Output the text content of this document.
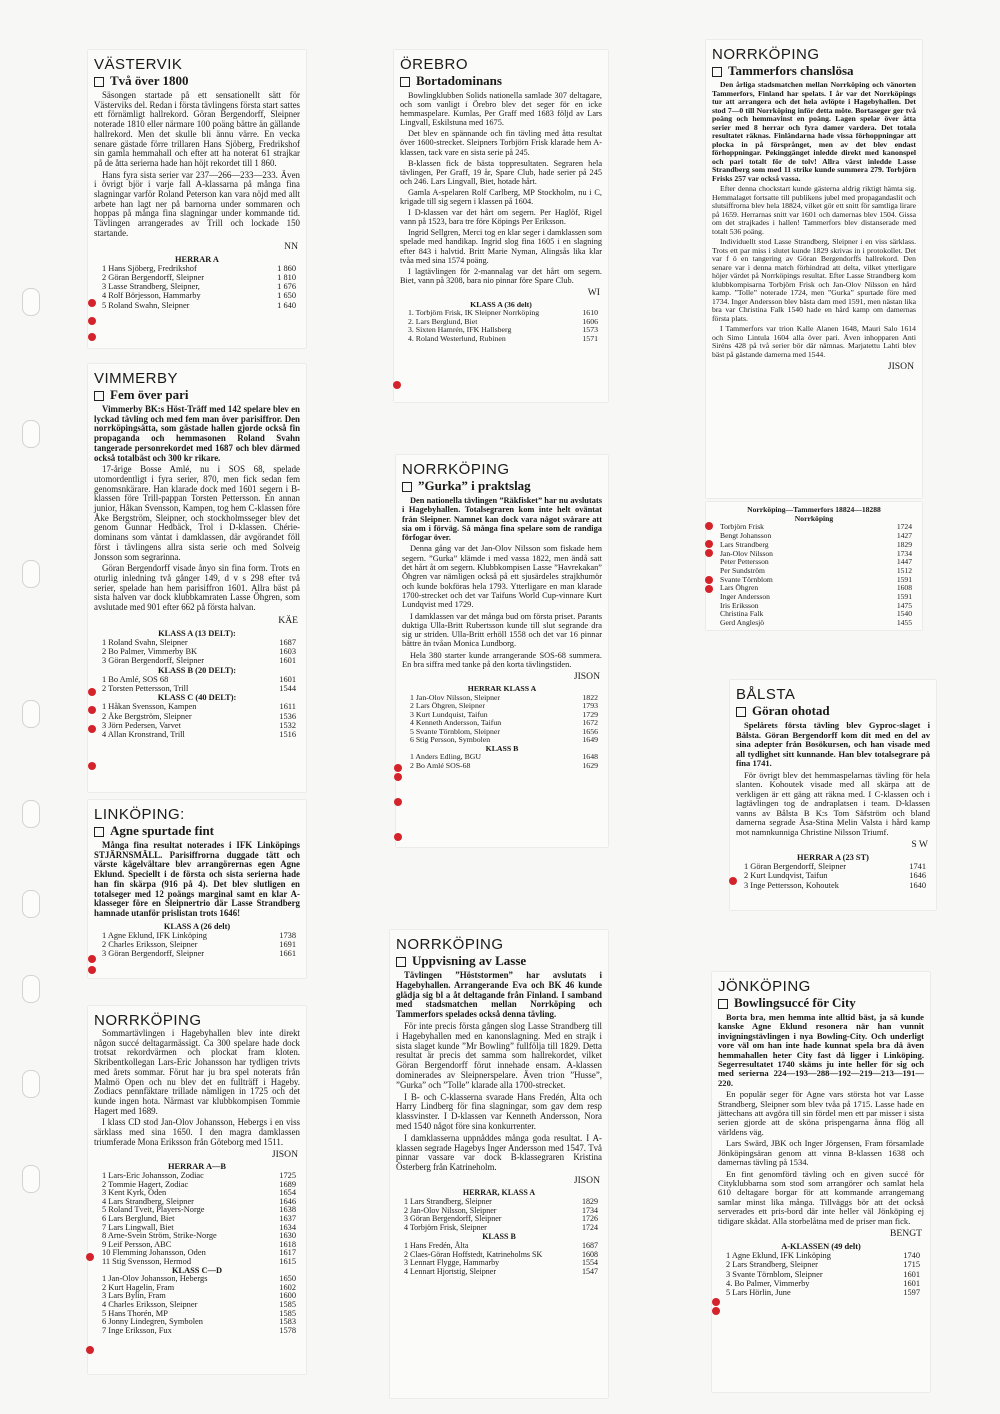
VÄSTERVIK
Två över 1800

Säsongen startade på ett sensationellt sätt för Västerviks del. Redan i första tävlingens första start sattes ett förnämligt hallrekord. Göran Bergendorff, Sleipner noterade 1810 eller närmare 100 poäng bättre än gällande hallrekord. Men det skulle bli ännu värre. En vecka senare gästade förre trillaren Hans Sjöberg, Fredrikshof sin gamla hemmahall och efter att ha noterat 61 strajkar på de åtta serierna hade han höjt rekordet till 1 860.

Hans fyra sista serier var 237—266—233—233. Även i övrigt björ i varje fall A-klassarna på många fina slagningar varför Roland Peterson kan vara nöjd med allt arbete han lagt ner på barnorna under sommaren och hoppas på många fina slagningar under kommande tid. Tävlingen arrangerades av Trill och lockade 150 startande.

NN
HERRAR A
1 Hans Sjöberg, Fredrikshof	1 860
2 Göran Bergendorff, Sleipner	1 810
3 Lasse Strandberg, Sleipner,	1 676
4 Rolf Börjesson, Hammarby	1 650
5 Roland Swahn, Sleipner	1 640
VIMMERBY
Fem över pari

Vimmerby BK:s Höst-Träff med 142 spelare blev en lyckad tävling och med fem man över parisiffror. Den norrköpingsätta, som gästade hallen gjorde också fin propaganda och hemmasonen Roland Svahn tangerade personrekordet med 1687 och blev därmed också totalbäst och 300 kr rikare.

17-årige Bosse Amlé, nu i SOS 68, spelade utomordentligt i fyra serier, 870, men fick sedan fem genomsnkärare. Han klarade dock med 1601 segern i B-klassen före Trill-pappan Torsten Pettersson. En annan junior, Håkan Svensson, Kampen, tog hem C-klassen före Åke Bergström, Sleipner, och stockholmsseger blev det genom Gunnar Hedbäck, Trol i D-klassen. Chérie-dominans som väntat i damklassen, där avgörandet föll först i tävlingens allra sista serie och med Solveig Jonsson som segrarinna.

Göran Bergendorff visade ånyo sin fina form. Trots en oturlig inledning två gånger 149, d v s 298 efter två serier, spelade han hem parisiffron 1601. Allra bäst på sista halven var dock klubbkamraten Lasse Öhgren, som avslutade med 901 efter 662 på första halvan.

KÄE
KLASS A (13 DELT):
1 Roland Svahn, Sleipner	1687
2 Bo Palmer, Vimmerby BK	1603
3 Göran Bergendorff, Sleipner	1601
KLASS B (20 DELT):
1 Bo Amlé, SOS 68	1601
2 Torsten Pettersson, Trill	1544
KLASS C (40 DELT):
1 Håkan Svensson, Kampen	1611
2 Åke Bergström, Sleipner	1536
3 Jörn Pedersen, Varvet	1532
4 Allan Kronstrand, Trill	1516
LINKÖPING:
Agne spurtade fint

Många fina resultat noterades i IFK Linköpings STJÄRNSMÄLL. Parisiffrorna duggade tätt och värste kägelvältare blev arrangörernas egen Agne Eklund. Speciellt i de första och sista serierna hade han fin skärpa (916 på 4). Det blev slutligen en totalseger med 12 poängs marginal samt en klar A-klasseger före en Sleipnertrio där Lasse Strandberg hamnade utanför prislistan trots 1646!

KLASS A (26 delt)
1 Agne Eklund, IFK Linköping	1738
2 Charles Eriksson, Sleipner	1691
3 Göran Bergendorff, Sleipner	1661
NORRKÖPING

Sommartävlingen i Hagebyhallen blev inte direkt någon succé deltagarmässigt. Ca 300 spelare hade dock trotsat rekordvärmen och plockat fram kloten. Skribentkollegan Lars-Eric Johansson har tydligen trivts med årets sommar. Förut har ju bra spel noterats från Malmö Open och nu blev det en fullträff i Hageby. Zodiacs pennfäktare trillade nämligen in 1725 och det kunde ingen hota. Närmast var klubbkompisen Tommie Hagert med 1689.

I klass CD stod Jan-Olov Johansson, Hebergs i en viss särklass med sina 1650. I den magra damklassen triumferade Mona Eriksson från Göteborg med 1511.

JISON
HERRAR A—B
1 Lars-Eric Johansson, Zodiac	1725
2 Tommie Hagert, Zodiac	1689
3 Kent Kyrk, Oden	1654
4 Lars Strandberg, Sleipner	1646
5 Roland Tveit, Players-Norge	1638
6 Lars Berglund, Biet	1637
7 Lars Lingwall, Biet	1634
8 Arne-Svein Ström, Strike-Norge	1630
9 Leif Persson, ABC	1618
10 Flemming Johansson, Oden	1617
11 Stig Svensson, Hermod	1615
KLASS C—D
1 Jan-Olov Johansson, Hebergs	1650
2 Kurt Hagelin, Fram	1602
3 Lars Bylin, Fram	1600
4 Charles Eriksson, Sleipner	1585
5 Hans Thorén, MP	1585
6 Jonny Lindegren, Symbolen	1583
7 Inge Eriksson, Fux	1578
ÖREBRO
Bortadominans

Bowlingklubben Solids nationella samlade 307 deltagare, och som vanligt i Örebro blev det seger för en icke hemmaspelare. Kumlas, Per Graff med 1683 följd av Lars Lingvall, Eskilstuna med 1675.

Det blev en spännande och fin tävling med åtta resultat över 1600-strecket. Sleipners Torbjörn Frisk klarade hem A-klassen, tack vare en sista serie på 245.

B-klassen fick de bästa toppresultaten. Segraren hela tävlingen, Per Graff, 19 år, Spare Club, hade serier på 245 och 246. Lars Lingvall, Biet, hotade hårt.

Gamla A-spelaren Rolf Carlberg, MP Stockholm, nu i C, krigade till sig segern i klassen på 1604.

I D-klassen var det hårt om segern. Per Haglöf, Rigel vann på 1523, bara tre före Köpings Per Eriksson.

Ingrid Sellgren, Merci tog en klar seger i damklassen som spelade med handikap. Ingrid slog fina 1605 i en slagning efter 843 i halvtid. Britt Marie Nyman, Alingsås lika klar tvåa med sina 1574 poäng.

I lagtävlingen för 2-mannalag var det hårt om segern. Biet, vann på 3208, bara nio pinnar före Spare Club.

WI
KLASS A (36 delt)
1. Torbjörn Frisk, IK Sleipner Norrköping	1610
2. Lars Berglund, Biet	1606
3. Sixten Hamrén, IFK Hallsberg	1573
4. Roland Westerlund, Rubinen	1571
NORRKÖPING
”Gurka” i praktslag

Den nationella tävlingen ”Räkfisket” har nu avslutats i Hagebyhallen. Totalsegraren kom inte helt oväntat från Sleipner. Namnet kan dock vara något svårare att sia om i förväg. Så många fina spelare som de randiga förfogar över.

Denna gång var det Jan-Olov Nilsson som fiskade hem segern. ”Gurka” klämde i med vassa 1822, men ändå satt det hårt åt om segern. Klubbkompisen Lasse ”Havrekakan” Öhgren var nämligen också på ett sjusärdeles strajkhumör och kunde bokföras hela 1793. Ytterligare en man klarade 1700-strecket och det var Taifuns World Cup-vinnare Kurt Lundqvist med 1729.

I damklassen var det många bud om första priset. Parants duktiga Ulla-Britt Rubertsson kunde till slut segrande dra sig ur striden. Ulla-Britt erhöll 1558 och det var 16 pinnar bättre än tvåan Monica Lundborg.

Hela 380 starter kunde arrangerande SOS-68 summera. En bra siffra med tanke på den korta tävlingstiden.

JISON
HERRAR KLASS A
1 Jan-Olov Nilsson, Sleipner	1822
2 Lars Öhgren, Sleipner	1793
3 Kurt Lundquist, Taifun	1729
4 Kenneth Andersson, Taifun	1672
5 Svante Törnblom, Sleipner	1656
6 Stig Persson, Symbolen	1649
KLASS B
1 Anders Edling, BGU	1648
2 Bo Amlé SOS-68	1629
NORRKÖPING
Uppvisning av Lasse

Tävlingen ”Höststormen” har avslutats i Hagebyhallen. Arrangerande Eva och BK 46 kunde glädja sig bl a åt deltagande från Finland. I samband med stadsmatchen mellan Norrköping och Tammerfors spelades också denna tävling.

För inte precis första gången slog Lasse Strandberg till i Hagebyhallen med en kanonslagning. Med en strajk i sista slaget kunde ”Mr Bowling” fullfölja till 1829. Detta resultat är precis det samma som hallrekordet, vilket Göran Bergendorff förut innehade ensam. A-klassen dominerades av Sleipnerspelare. Även trion ”Husse”, ”Gurka” och ”Tolle” klarade alla 1700-strecket.

I B- och C-klasserna svarade Hans Fredén, Ålta och Harry Lindberg för fina slagningar, som gav dem resp klassvinster. I D-klassen var Kenneth Andersson, Nora med 1540 något före sina konkurrenter.

I damklasserna uppnåddes många goda resultat. I A-klassen segrade Hagebys Inger Andersson med 1547. Två pinnar vassare var dock B-klassegraren Kristina Österberg från Katrineholm.

JISON
HERRAR, KLASS A
1 Lars Strandberg, Sleipner	1829
2 Jan-Olov Nilsson, Sleipner	1734
3 Göran Bergendorff, Sleipner	1726
4 Torbjörn Frisk, Sleipner	1724
KLASS B
1 Hans Fredén, Ålta	1687
2 Claes-Göran Hoffstedt, Katrineholms SK	1608
3 Lennart Flygge, Hammarby	1554
4 Lennart Hjortstig, Sleipner	1547
NORRKÖPING
Tammerfors chanslösa

Den årliga stadsmatchen mellan Norrköping och vänorten Tammerfors, Finland har spelats. I år var det Norrköpings tur att arrangera och det hela avlöpte i Hagebyhallen. Det stod 7—0 till Norrköping inför detta möte. Bortaseger ger två poäng och hemmavinst en poäng. Lagen spelar över åtta serier med 8 herrar och fyra damer vardera. Det totala resultatet räknas. Finländarna hade vissa förhoppningar att plocka in på försprånget, men av det blev endast förhoppningar. Pekinggänget inledde direkt med kanonspel och pari totalt för de tolv! Allra värst inledde Lasse Strandberg som med 11 strike kunde summera 279. Torbjörn Frisks 257 var också vassa.

Efter denna chockstart kunde gästerna aldrig riktigt hämta sig. Hemmalaget fortsatte till publikens jubel med propagandaslit och slutsiffrorna blev hela 18824, vilket gör ett snitt för samtliga lirare på 1659. Herrarnas snitt var 1601 och damernas blev 1504. Gissa om det strajkades i hallen! Tammerfors blev distanserade med totalt 536 poäng.

Individuellt stod Lasse Strandberg, Sleipner i en viss särklass. Trots ett par miss i slutet kunde 1829 skrivas in i protokollet. Det var f ö en tangering av Göran Bergendorffs hallrekord. Den senare var i denna match förhindrad att delta, vilket ytterligare höjer värdet på Norrköpings resultat. Efter Lasse Strandberg kom klubbkompisarna Torbjörn Frisk och Jan-Olov Nilsson en hård kamp. ”Tolle” noterade 1724, men ”Gurka” spurtade före med 1734. Inger Andersson blev bästa dam med 1591, men nästan lika bra var Christina Falk 1540 hade en hård kamp om damernas första plats.

I Tammerfors var trion Kalle Alanen 1648, Mauri Salo 1614 och Simo Lintula 1604 alla över pari. Även inhopparen Anti Siréns 428 på två serier bör där nämnas. Marjatettu Lahti blev bäst på gästande damerna med 1544.

JISON
Norrköping—Tammerfors 18824—18288
Norrköping
Torbjörn Frisk	1724
Bengt Johansson	1427
Lars Strandberg	1829
Jan-Olov Nilsson	1734
Peter Pettersson	1447
Per Sundström	1512
Svante Törnblom	1591
Lars Öhgren	1608
Inger Andersson	1591
Iris Eriksson	1475
Christina Falk	1540
Gerd Anglesjö	1455
BÅLSTA
Göran ohotad

Spelårets första tävling blev Gyproc-slaget i Bålsta. Göran Bergendorff kom dit med en del av sina adepter från Bosökursen, och han visade med all tydlighet sitt kunnande. Han blev totalsegrare på fina 1741.

För övrigt blev det hemmaspelarnas tävling för hela slanten. Kohoutek visade med all skärpa att de verkligen är ett gäng att räkna med. I C-klassen och i lagtävlingen tog de andraplatsen i team. D-klassen vanns av Bålsta B K:s Tom Säfström och bland damerna segrade Åsa-Stina Melin Valsta i hård kamp mot namnkunniga Christine Nilsson Triumf.

S W
HERRAR A (23 ST)
1 Göran Bergendorff, Sleipner	1741
2 Kurt Lundqvist, Taifun	1646
3 Inge Pettersson, Kohoutek	1640
JÖNKÖPING
Bowlingsuccé för City

Borta bra, men hemma inte alltid bäst, ja så kunde kanske Agne Eklund resonera när han vunnit invigningstävlingen i nya Bowling-City. Och underligt vore väl om han inte hade kunnat spela bra då även hemmahallen heter City fast då ligger i Linköping. Segerresultatet 1740 skäms ju inte heller för sig och med serierna 224—193—288—192—219—213—191—220.

En populär seger för Agne vars största hot var Lasse Strandberg, Sleipner som blev tvåa på 1715. Lasse hade en jättechans att avgöra till sin fördel men ett par misser i sista serien gjorde att de sköna prispengarna ånna flög all världens väg.

Lars Swärd, JBK och Inger Jörgensen, Fram församlade Jönköpingsäran genom att vinna B-klassen 1638 och damernas tävling på 1534.

En fint genomförd tävling och en given succé för Cityklubbarna som stod som arrangörer och samlat hela 610 deltagare borgar för att kommande arrangemang samlar minst lika många. Tillväggs bör att det också serverades ett pris-bord där inte heller väl Jönköping ej tidigare skådat. Alla storbelåtna med de priser man fick.

BENGT
A-KLASSEN (49 delt)
1 Agne Eklund, IFK Linköping	1740
2 Lars Strandberg, Sleipner	1715
3 Svante Törnblom, Sleipner	1601
4. Bo Palmer, Vimmerby	1601
5 Lars Hörlin, June	1597
